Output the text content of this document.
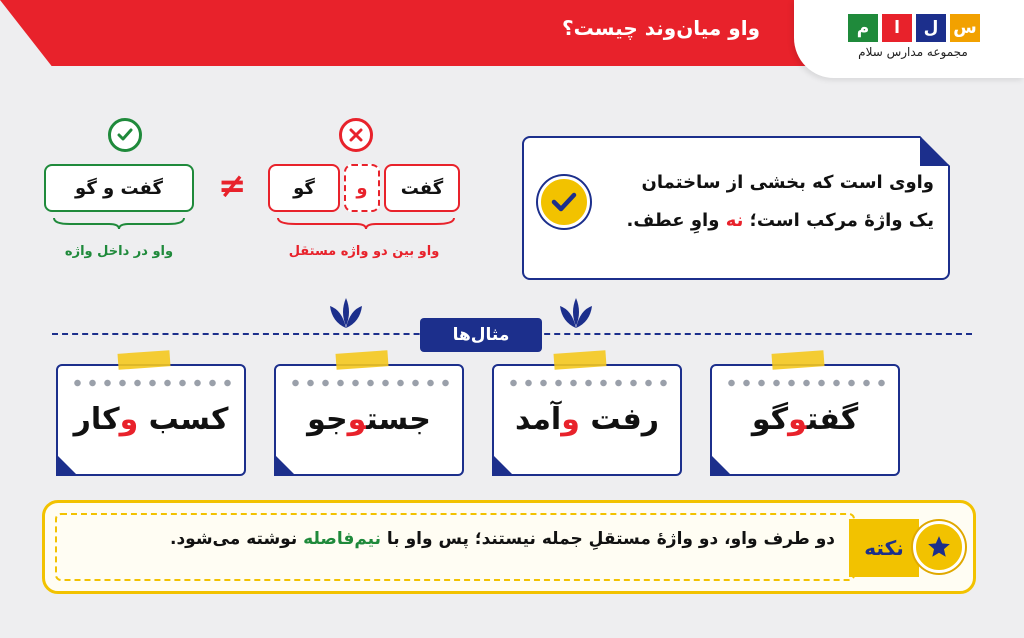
واو میان‌وند چیست؟	س
ل
ا
م
مجموعه مدارس سلام
واوی است که بخشی از ساختمان
یک واژۀ مرکب است؛ نه واوِ عطف.
گفت
و
گو
واو بین دو واژه مستقل
≠
گفت و گو
واو در داخل واژه
مثال‌ها
گفتوگو
رفت وآمد
جستوجو
کسب وکار
دو طرف واو، دو واژۀ مستقلِ جمله نیستند؛ پس واو با نیم‌فاصله نوشته می‌شود.	نکته
